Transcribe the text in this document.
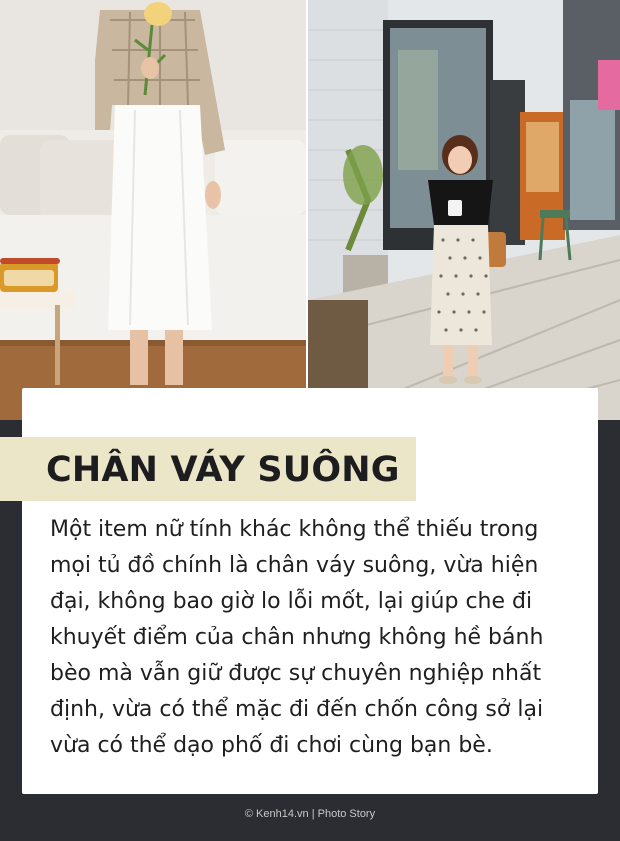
CHÂN VÁY SUÔNG
Một item nữ tính khác không thể thiếu trong mọi tủ đồ chính là chân váy suông, vừa hiện đại, không bao giờ lo lỗi mốt, lại giúp che đi khuyết điểm của chân nhưng không hề bánh bèo mà vẫn giữ được sự chuyên nghiệp nhất định, vừa có thể mặc đi đến chốn công sở lại vừa có thể dạo phố đi chơi cùng bạn bè.
© Kenh14.vn | Photo Story
